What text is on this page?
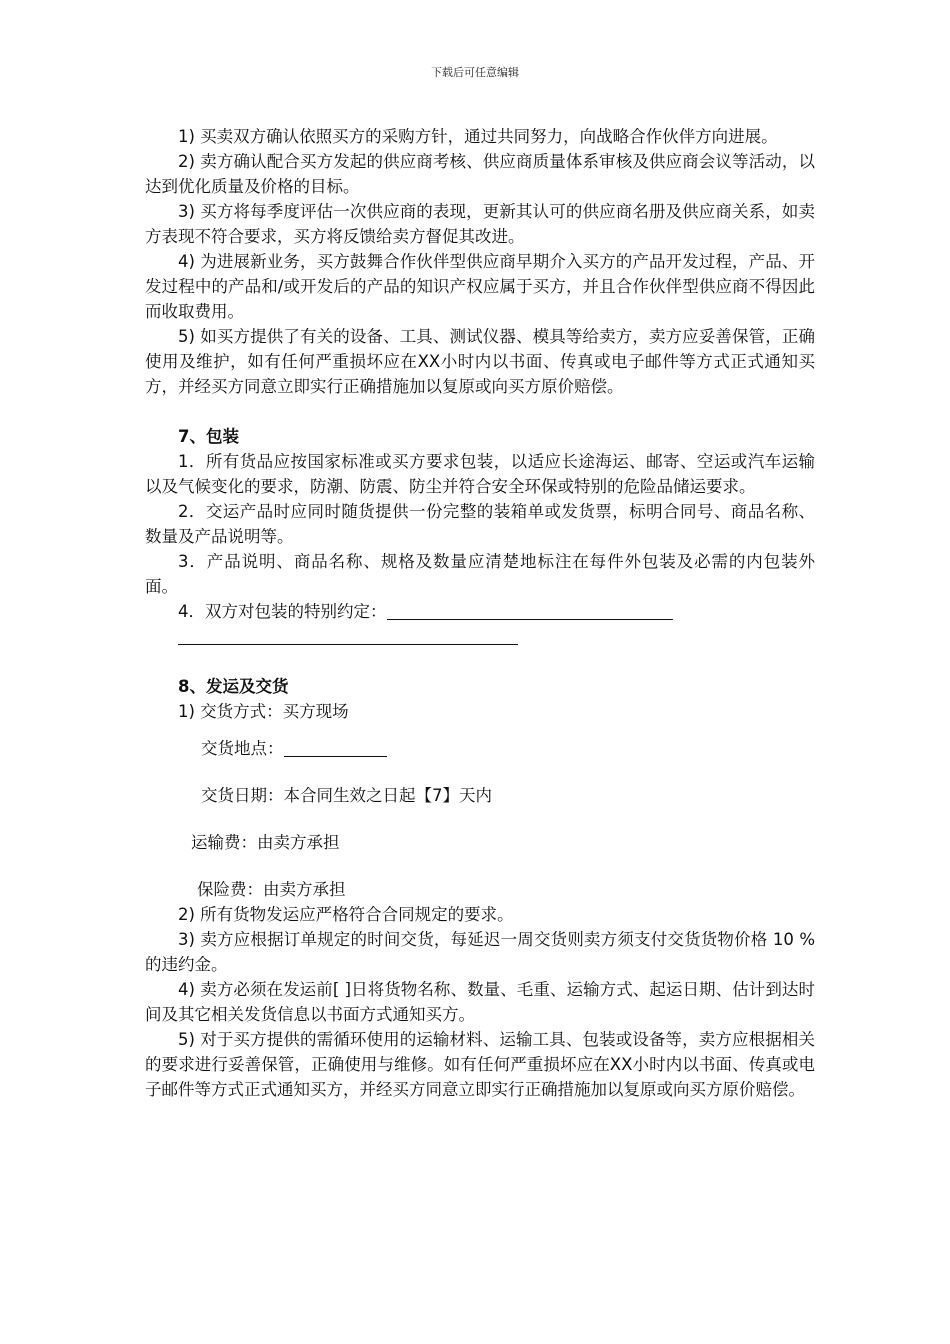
下载后可任意编辑

1) 买卖双方确认依照买方的采购方针，通过共同努力，向战略合作伙伴方向进展。

2) 卖方确认配合买方发起的供应商考核、供应商质量体系审核及供应商会议等活动，以达到优化质量及价格的目标。

3) 买方将每季度评估一次供应商的表现，更新其认可的供应商名册及供应商关系，如卖方表现不符合要求，买方将反馈给卖方督促其改进。

4) 为进展新业务，买方鼓舞合作伙伴型供应商早期介入买方的产品开发过程，产品、开发过程中的产品和/或开发后的产品的知识产权应属于买方，并且合作伙伴型供应商不得因此而收取费用。

5) 如买方提供了有关的设备、工具、测试仪器、模具等给卖方，卖方应妥善保管，正确使用及维护，如有任何严重损坏应在XX小时内以书面、传真或电子邮件等方式正式通知买方，并经买方同意立即实行正确措施加以复原或向买方原价赔偿。

7、包装

1．所有货品应按国家标准或买方要求包装，以适应长途海运、邮寄、空运或汽车运输以及气候变化的要求，防潮、防震、防尘并符合安全环保或特别的危险品储运要求。

2．交运产品时应同时随货提供一份完整的装箱单或发货票，标明合同号、商品名称、数量及产品说明等。

3．产品说明、商品名称、规格及数量应清楚地标注在每件外包装及必需的内包装外面。

4．双方对包装的特别约定：

8、发运及交货

1) 交货方式：买方现场

交货地点：

交货日期：本合同生效之日起【7】天内

运输费：由卖方承担

保险费：由卖方承担

2) 所有货物发运应严格符合合同规定的要求。

3) 卖方应根据订单规定的时间交货，每延迟一周交货则卖方须支付交货货物价格 10 %的违约金。

4) 卖方必须在发运前[ ]日将货物名称、数量、毛重、运输方式、起运日期、估计到达时间及其它相关发货信息以书面方式通知买方。

5) 对于买方提供的需循环使用的运输材料、运输工具、包装或设备等，卖方应根据相关的要求进行妥善保管，正确使用与维修。如有任何严重损坏应在XX小时内以书面、传真或电子邮件等方式正式通知买方，并经买方同意立即实行正确措施加以复原或向买方原价赔偿。
